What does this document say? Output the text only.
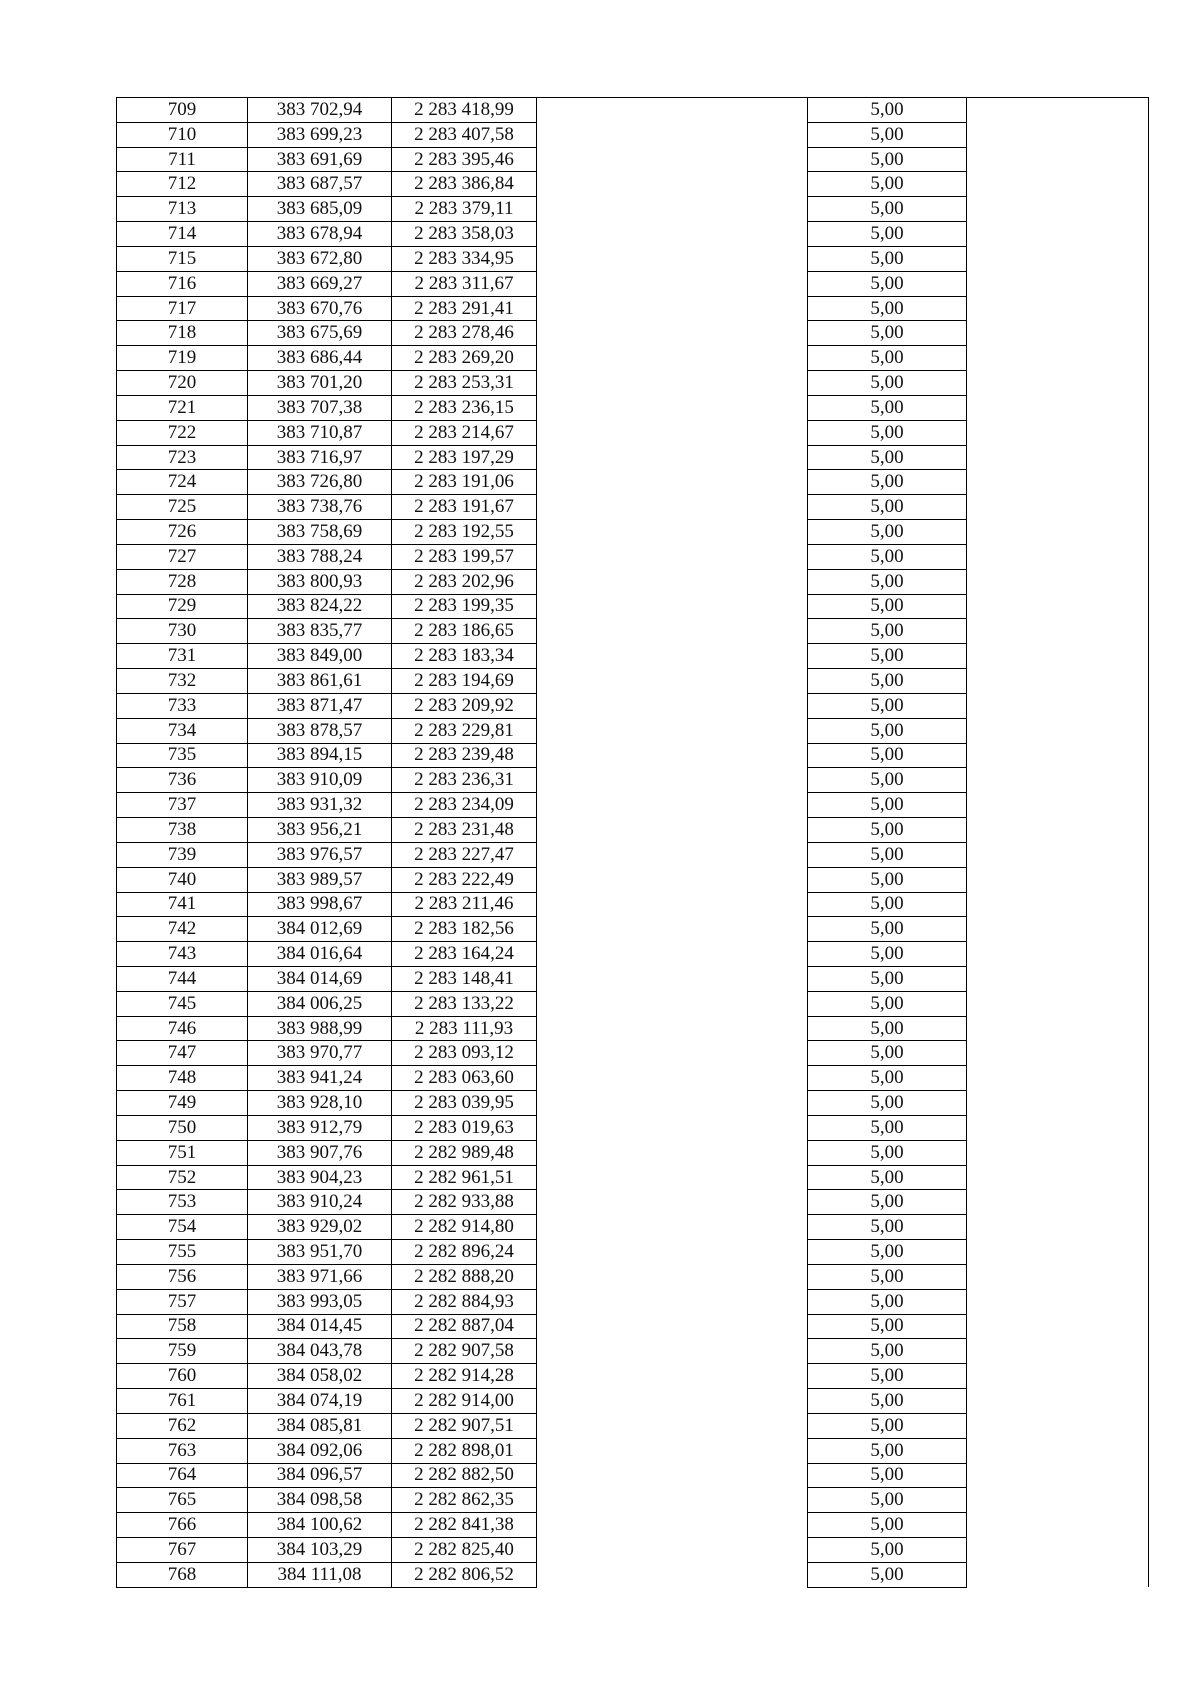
709	383 702,94	2 283 418,99		5,00	
710	383 699,23	2 283 407,58		5,00	
711	383 691,69	2 283 395,46		5,00	
712	383 687,57	2 283 386,84		5,00	
713	383 685,09	2 283 379,11		5,00	
714	383 678,94	2 283 358,03		5,00	
715	383 672,80	2 283 334,95		5,00	
716	383 669,27	2 283 311,67		5,00	
717	383 670,76	2 283 291,41		5,00	
718	383 675,69	2 283 278,46		5,00	
719	383 686,44	2 283 269,20		5,00	
720	383 701,20	2 283 253,31		5,00	
721	383 707,38	2 283 236,15		5,00	
722	383 710,87	2 283 214,67		5,00	
723	383 716,97	2 283 197,29		5,00	
724	383 726,80	2 283 191,06		5,00	
725	383 738,76	2 283 191,67		5,00	
726	383 758,69	2 283 192,55		5,00	
727	383 788,24	2 283 199,57		5,00	
728	383 800,93	2 283 202,96		5,00	
729	383 824,22	2 283 199,35		5,00	
730	383 835,77	2 283 186,65		5,00	
731	383 849,00	2 283 183,34		5,00	
732	383 861,61	2 283 194,69		5,00	
733	383 871,47	2 283 209,92		5,00	
734	383 878,57	2 283 229,81		5,00	
735	383 894,15	2 283 239,48		5,00	
736	383 910,09	2 283 236,31		5,00	
737	383 931,32	2 283 234,09		5,00	
738	383 956,21	2 283 231,48		5,00	
739	383 976,57	2 283 227,47		5,00	
740	383 989,57	2 283 222,49		5,00	
741	383 998,67	2 283 211,46		5,00	
742	384 012,69	2 283 182,56		5,00	
743	384 016,64	2 283 164,24		5,00	
744	384 014,69	2 283 148,41		5,00	
745	384 006,25	2 283 133,22		5,00	
746	383 988,99	2 283 111,93		5,00	
747	383 970,77	2 283 093,12		5,00	
748	383 941,24	2 283 063,60		5,00	
749	383 928,10	2 283 039,95		5,00	
750	383 912,79	2 283 019,63		5,00	
751	383 907,76	2 282 989,48		5,00	
752	383 904,23	2 282 961,51		5,00	
753	383 910,24	2 282 933,88		5,00	
754	383 929,02	2 282 914,80		5,00	
755	383 951,70	2 282 896,24		5,00	
756	383 971,66	2 282 888,20		5,00	
757	383 993,05	2 282 884,93		5,00	
758	384 014,45	2 282 887,04		5,00	
759	384 043,78	2 282 907,58		5,00	
760	384 058,02	2 282 914,28		5,00	
761	384 074,19	2 282 914,00		5,00	
762	384 085,81	2 282 907,51		5,00	
763	384 092,06	2 282 898,01		5,00	
764	384 096,57	2 282 882,50		5,00	
765	384 098,58	2 282 862,35		5,00	
766	384 100,62	2 282 841,38		5,00	
767	384 103,29	2 282 825,40		5,00	
768	384 111,08	2 282 806,52		5,00	
